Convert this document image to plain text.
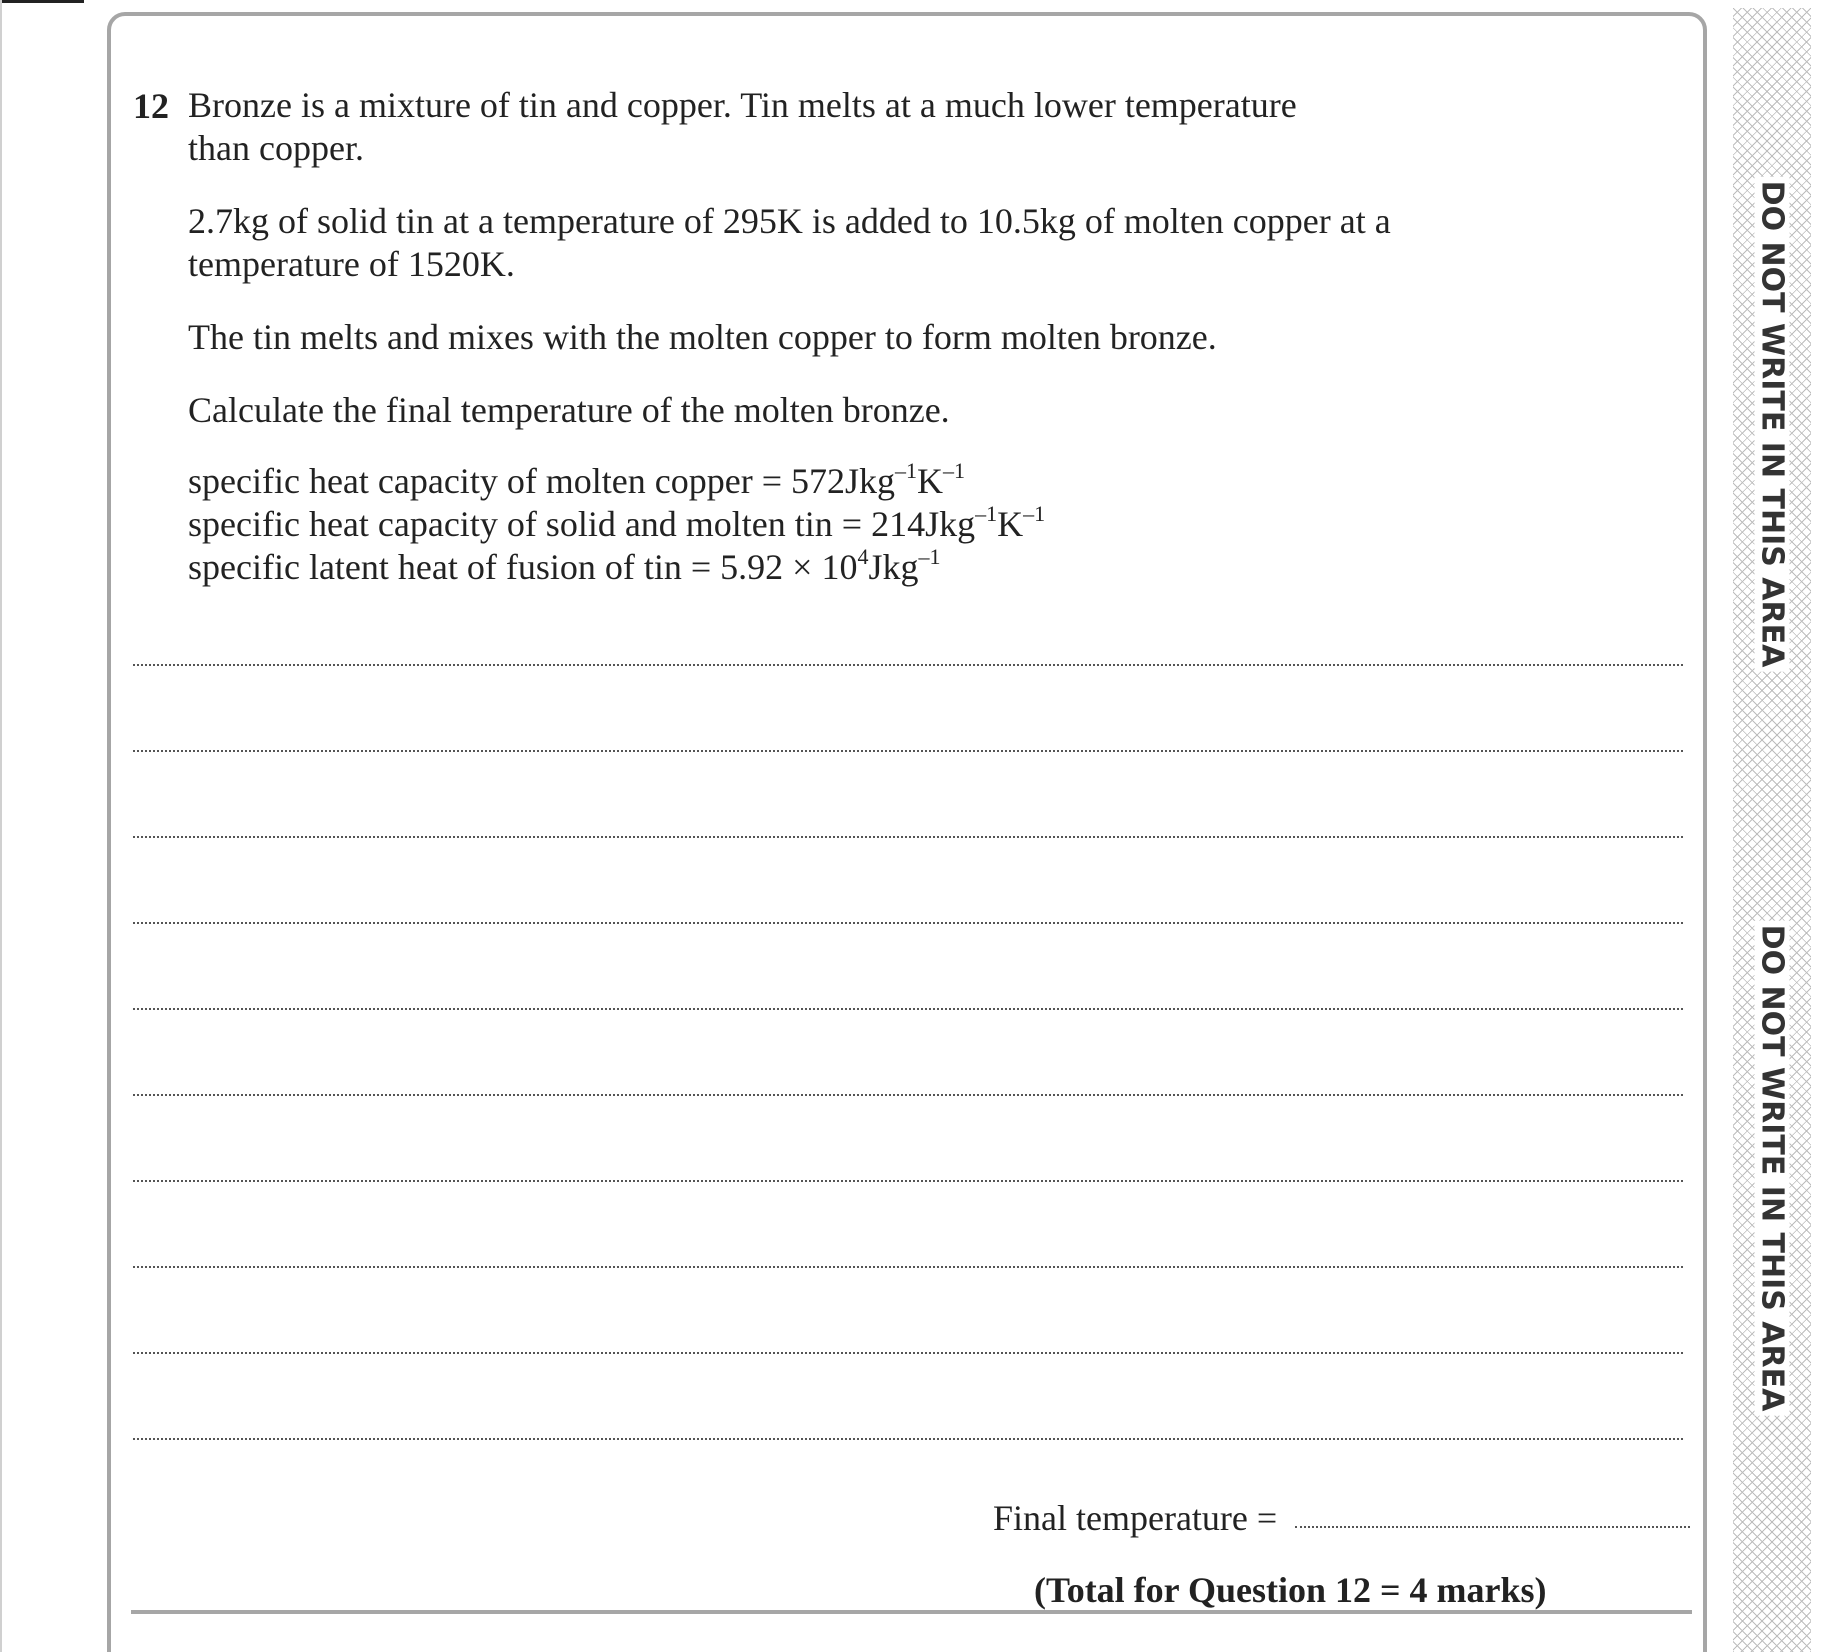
12 Bronze is a mixture of tin and copper. Tin melts at a much lower temperature
than copper.

2.7kg of solid tin at a temperature of 295K is added to 10.5kg of molten copper at a
temperature of 1520K.

The tin melts and mixes with the molten copper to form molten bronze.

Calculate the final temperature of the molten bronze.

specific heat capacity of molten copper = $572Jkg^{-1}K^{-1}$
specific heat capacity of solid and molten tin = $214Jkg^{-1}K^{-1}$
specific latent heat of fusion of tin = $5.92 \times 10^4Jkg^{-1}$
Final temperature =
(Total for Question 12 = 4 marks)
DO NOT WRITE IN THIS AREA
DO NOT WRITE IN THIS AREA
